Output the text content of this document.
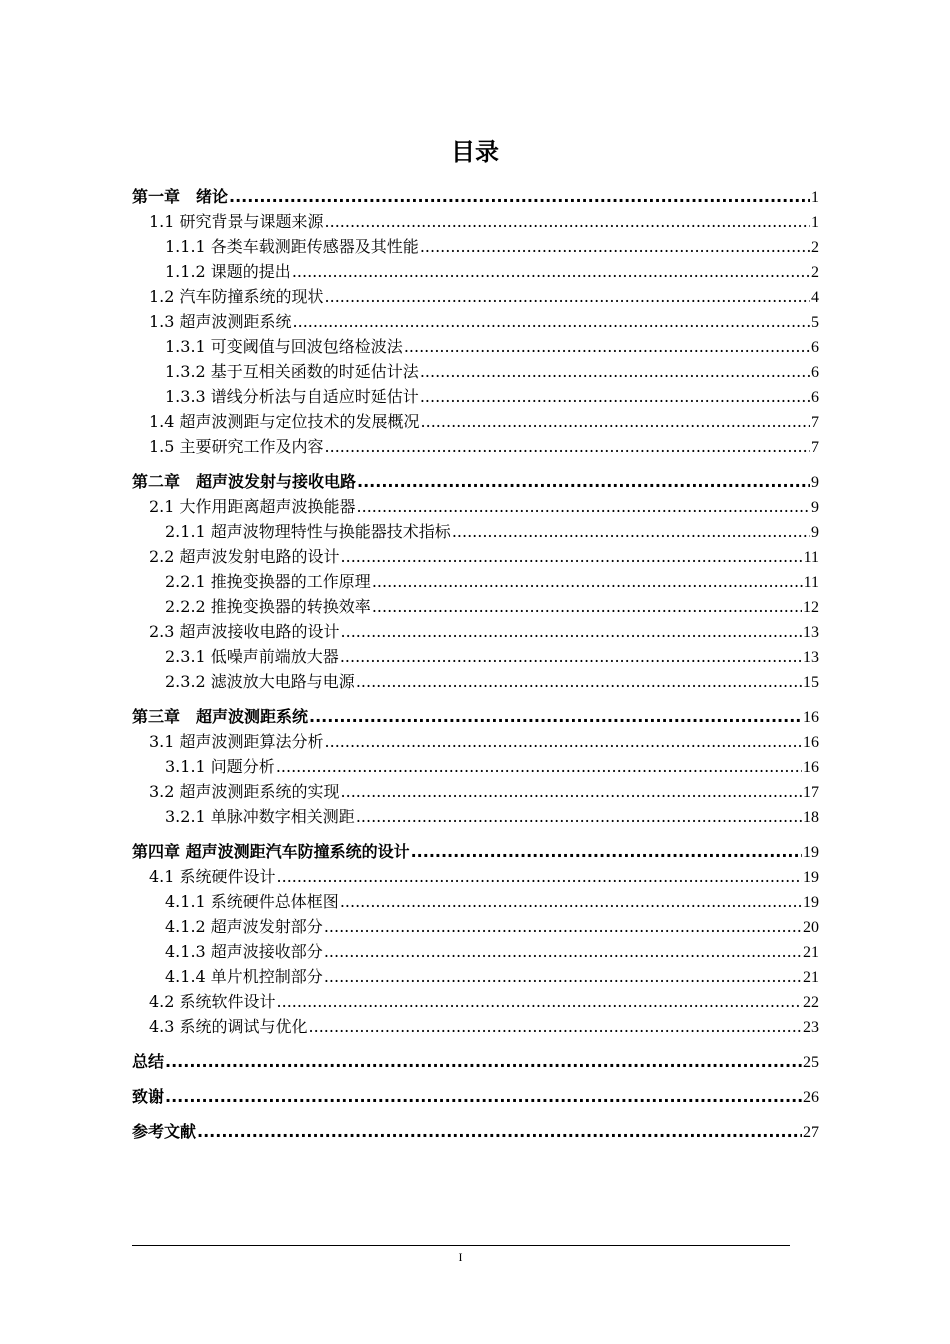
目录
第一章　绪论 .....	1
1.1 研究背景与课题来源 .....	1
1.1.1 各类车载测距传感器及其性能 .....	2
1.1.2 课题的提出 .....	2
1.2 汽车防撞系统的现状 .....	4
1.3 超声波测距系统 .....	5
1.3.1 可变阈值与回波包络检波法 .....	6
1.3.2 基于互相关函数的时延估计法 .....	6
1.3.3 谱线分析法与自适应时延估计 .....	6
1.4 超声波测距与定位技术的发展概况 .....	7
1.5 主要研究工作及内容 .....	7
第二章　超声波发射与接收电路 .....	9
2.1 大作用距离超声波换能器 .....	9
2.1.1 超声波物理特性与换能器技术指标 .....	9
2.2 超声波发射电路的设计 .....	11
2.2.1 推挽变换器的工作原理 .....	11
2.2.2 推挽变换器的转换效率 .....	12
2.3 超声波接收电路的设计 .....	13
2.3.1 低噪声前端放大器 .....	13
2.3.2 滤波放大电路与电源 .....	15
第三章　超声波测距系统 .....	16
3.1 超声波测距算法分析 .....	16
3.1.1 问题分析 .....	16
3.2 超声波测距系统的实现 .....	17
3.2.1 单脉冲数字相关测距 .....	18
第四章 超声波测距汽车防撞系统的设计 .....	19
4.1 系统硬件设计 .....	19
4.1.1 系统硬件总体框图 .....	19
4.1.2 超声波发射部分 .....	20
4.1.3 超声波接收部分 .....	21
4.1.4 单片机控制部分 .....	21
4.2 系统软件设计 .....	22
4.3 系统的调试与优化 .....	23
总结 .....	25
致谢 .....	26
参考文献 .....	27
I
